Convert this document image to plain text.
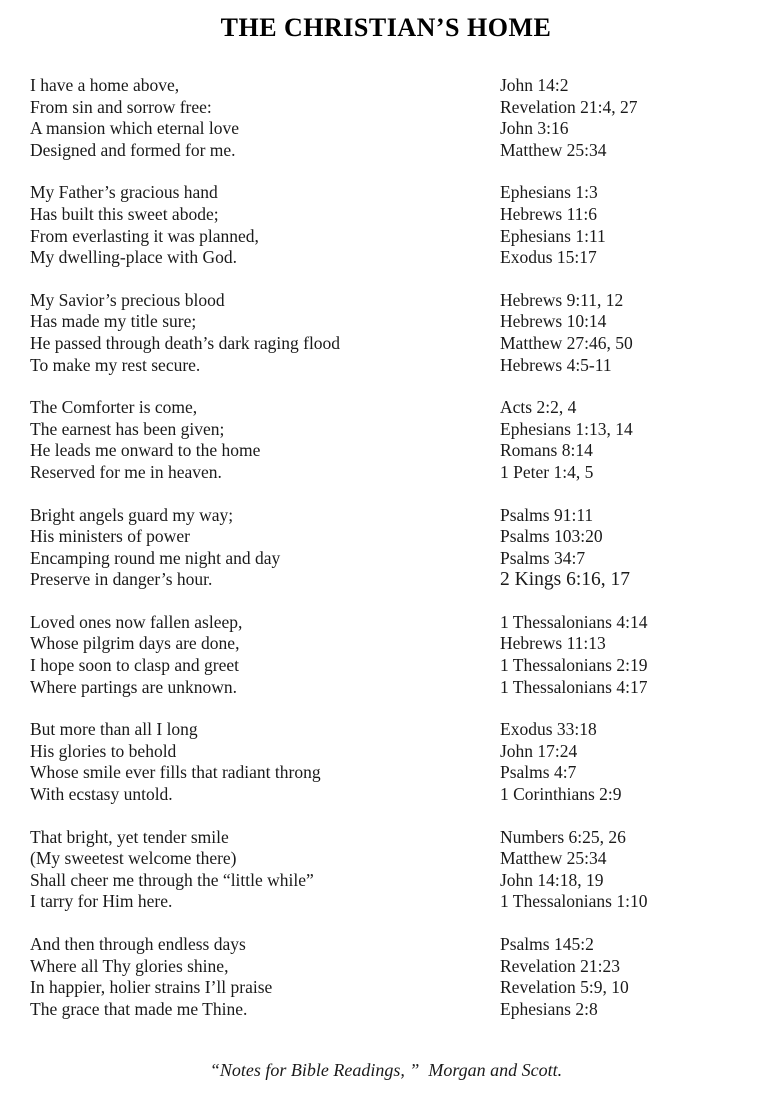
THE CHRISTIAN’S HOME
I have a home above,	John 14:2
From sin and sorrow free:	Revelation 21:4, 27
A mansion which eternal love	John 3:16
Designed and formed for me.	Matthew 25:34
My Father’s gracious hand	Ephesians 1:3
Has built this sweet abode;	Hebrews 11:6
From everlasting it was planned,	Ephesians 1:11
My dwelling-place with God.	Exodus 15:17
My Savior’s precious blood	Hebrews 9:11, 12
Has made my title sure;	Hebrews 10:14
He passed through death’s dark raging flood	Matthew 27:46, 50
To make my rest secure.	Hebrews 4:5-11
The Comforter is come,	Acts 2:2, 4
The earnest has been given;	Ephesians 1:13, 14
He leads me onward to the home	Romans 8:14
Reserved for me in heaven.	1 Peter 1:4, 5
Bright angels guard my way;	Psalms 91:11
His ministers of power	Psalms 103:20
Encamping round me night and day	Psalms 34:7
Preserve in danger’s hour.	2 Kings 6:16, 17
Loved ones now fallen asleep,	1 Thessalonians 4:14
Whose pilgrim days are done,	Hebrews 11:13
I hope soon to clasp and greet	1 Thessalonians 2:19
Where partings are unknown.	1 Thessalonians 4:17
But more than all I long	Exodus 33:18
His glories to behold	John 17:24
Whose smile ever fills that radiant throng	Psalms 4:7
With ecstasy untold.	1 Corinthians 2:9
That bright, yet tender smile	Numbers 6:25, 26
(My sweetest welcome there)	Matthew 25:34
Shall cheer me through the “little while”	John 14:18, 19
I tarry for Him here.	1 Thessalonians 1:10
And then through endless days	Psalms 145:2
Where all Thy glories shine,	Revelation 21:23
In happier, holier strains I’ll praise	Revelation 5:9, 10
The grace that made me Thine.	Ephesians 2:8
“Notes for Bible Readings, ”  Morgan and Scott.
